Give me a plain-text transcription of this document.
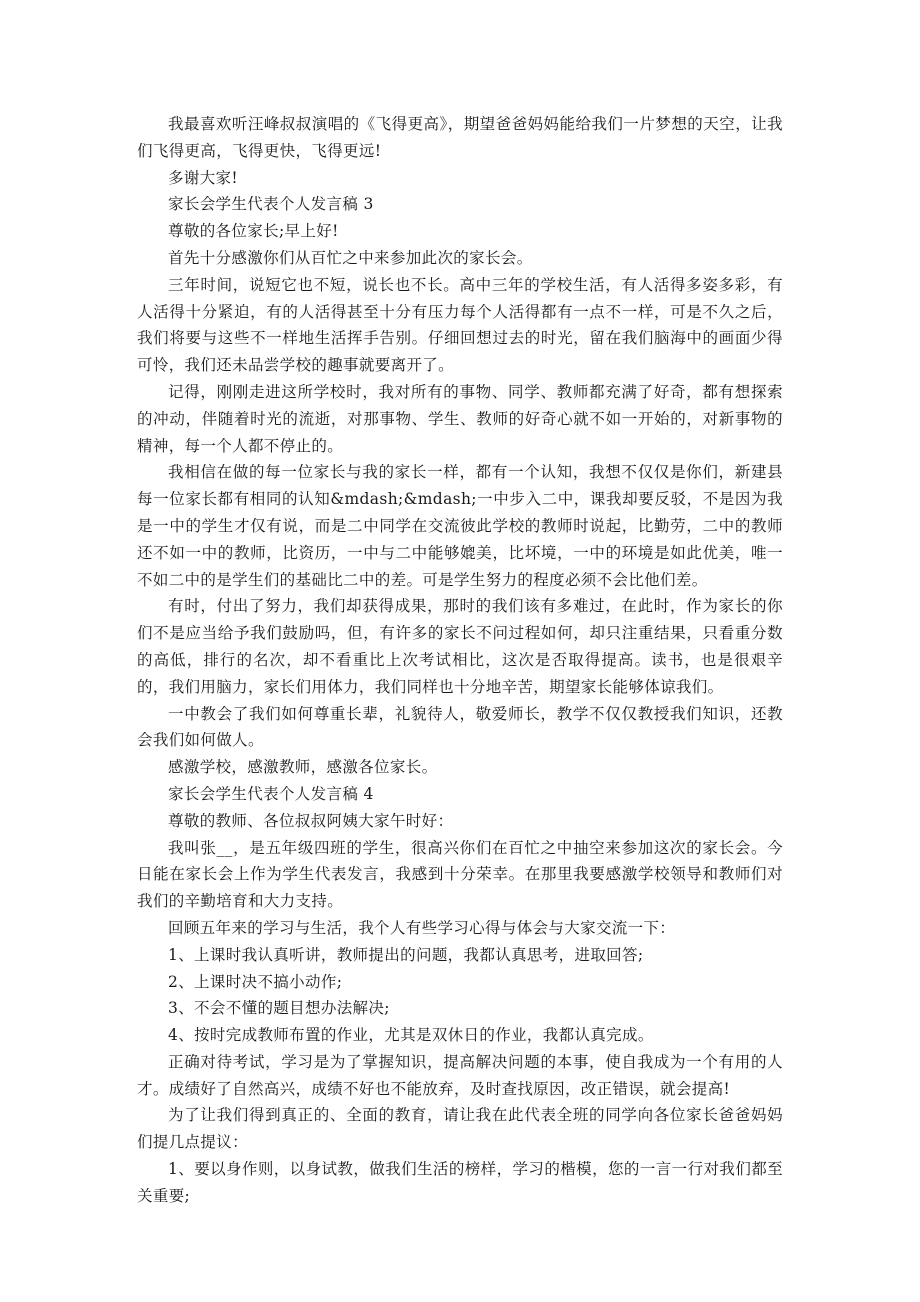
我最喜欢听汪峰叔叔演唱的《飞得更高》，期望爸爸妈妈能给我们一片梦想的天空，让我们飞得更高，飞得更快，飞得更远!

多谢大家!

家长会学生代表个人发言稿 3

尊敬的各位家长;早上好!

首先十分感激你们从百忙之中来参加此次的家长会。

三年时间，说短它也不短，说长也不长。高中三年的学校生活，有人活得多姿多彩，有人活得十分紧迫，有的人活得甚至十分有压力每个人活得都有一点不一样，可是不久之后，我们将要与这些不一样地生活挥手告别。仔细回想过去的时光，留在我们脑海中的画面少得可怜，我们还未品尝学校的趣事就要离开了。

记得，刚刚走进这所学校时，我对所有的事物、同学、教师都充满了好奇，都有想探索的冲动，伴随着时光的流逝，对那事物、学生、教师的好奇心就不如一开始的，对新事物的精神，每一个人都不停止的。

我相信在做的每一位家长与我的家长一样，都有一个认知，我想不仅仅是你们，新建县每一位家长都有相同的认知&mdash;&mdash;一中步入二中，课我却要反驳，不是因为我是一中的学生才仅有说，而是二中同学在交流彼此学校的教师时说起，比勤劳，二中的教师还不如一中的教师，比资历，一中与二中能够媲美，比坏境，一中的环境是如此优美，唯一不如二中的是学生们的基础比二中的差。可是学生努力的程度必须不会比他们差。

有时，付出了努力，我们却获得成果，那时的我们该有多难过，在此时，作为家长的你们不是应当给予我们鼓励吗，但，有许多的家长不问过程如何，却只注重结果，只看重分数的高低，排行的名次，却不看重比上次考试相比，这次是否取得提高。读书，也是很艰辛的，我们用脑力，家长们用体力，我们同样也十分地辛苦，期望家长能够体谅我们。

一中教会了我们如何尊重长辈，礼貌待人，敬爱师长，教学不仅仅教授我们知识，还教会我们如何做人。

感激学校，感激教师，感激各位家长。

家长会学生代表个人发言稿 4

尊敬的教师、各位叔叔阿姨大家午时好：

我叫张__，是五年级四班的学生，很高兴你们在百忙之中抽空来参加这次的家长会。今日能在家长会上作为学生代表发言，我感到十分荣幸。在那里我要感激学校领导和教师们对我们的辛勤培育和大力支持。

回顾五年来的学习与生活，我个人有些学习心得与体会与大家交流一下：

1、上课时我认真听讲，教师提出的问题，我都认真思考，进取回答;

2、上课时决不搞小动作;

3、不会不懂的题目想办法解决;

4、按时完成教师布置的作业，尤其是双休日的作业，我都认真完成。

正确对待考试，学习是为了掌握知识，提高解决问题的本事，使自我成为一个有用的人才。成绩好了自然高兴，成绩不好也不能放弃，及时查找原因，改正错误，就会提高!

为了让我们得到真正的、全面的教育，请让我在此代表全班的同学向各位家长爸爸妈妈们提几点提议：

1、要以身作则，以身试教，做我们生活的榜样，学习的楷模，您的一言一行对我们都至关重要;
